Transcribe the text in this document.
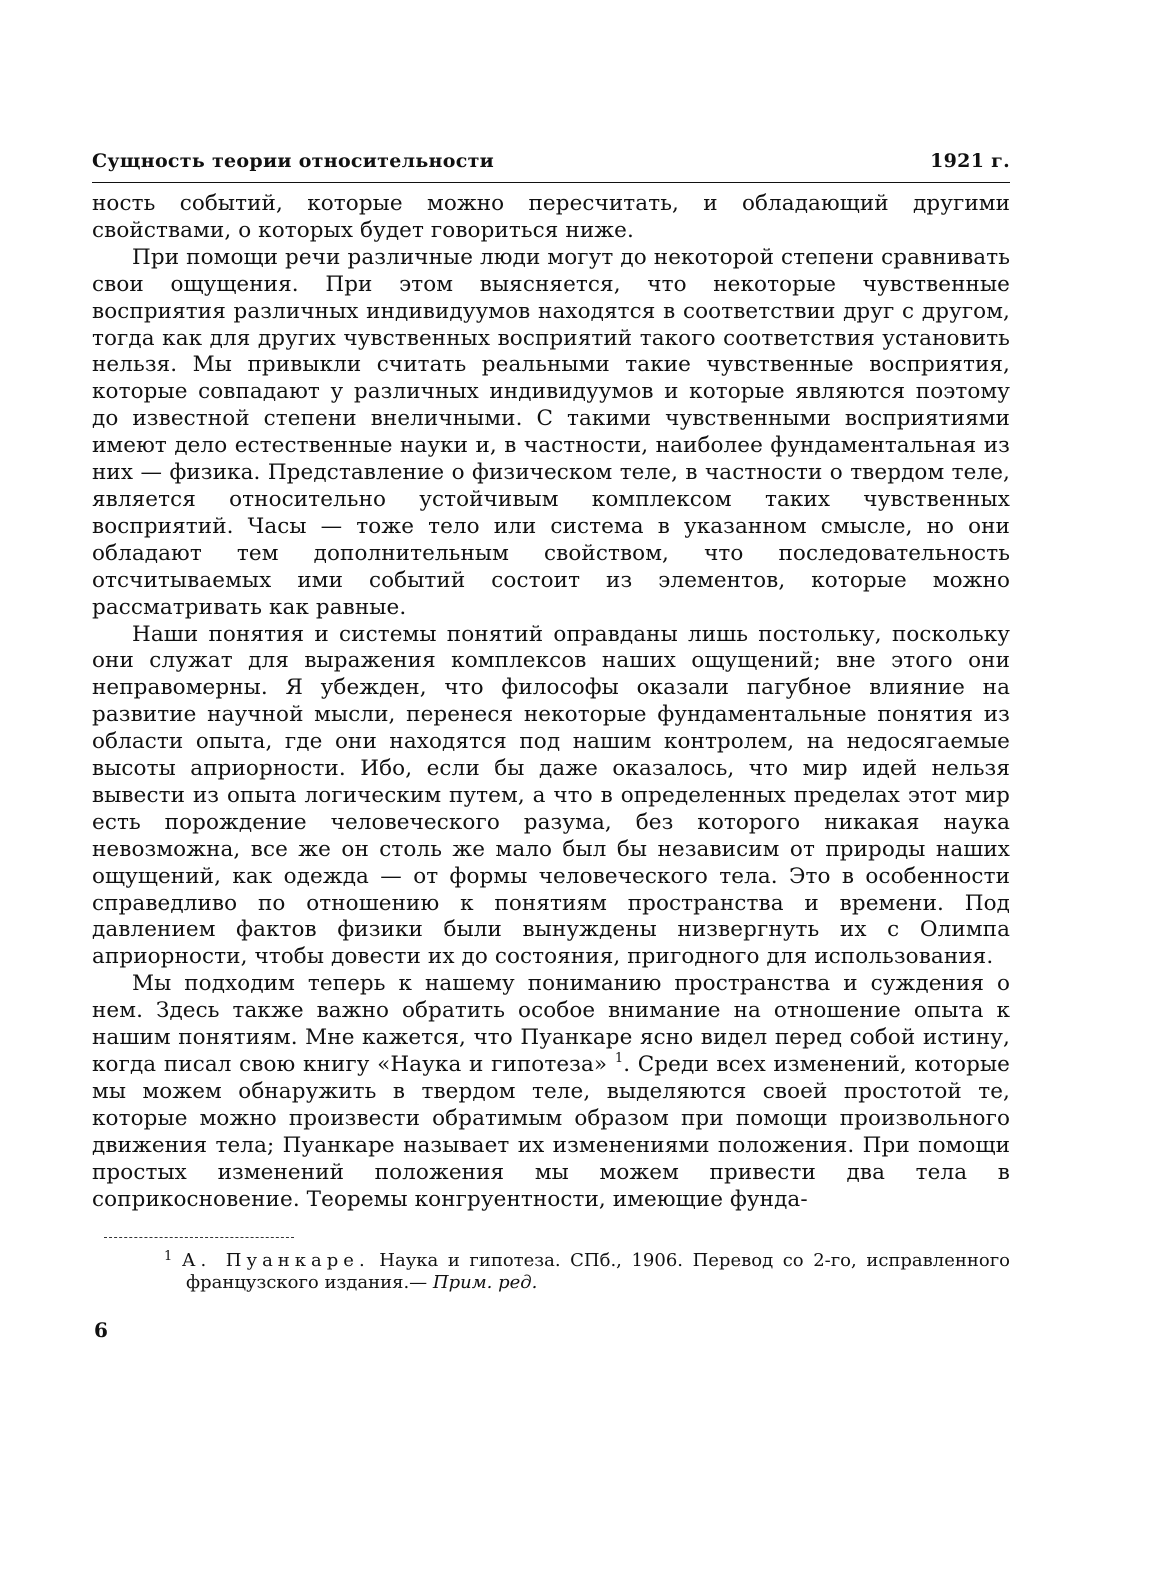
Сущность теории относительности	1921 г.

ность событий, которые можно пересчитать, и обладающий другими свойствами, о которых будет говориться ниже.

При помощи речи различные люди могут до некоторой степени сравнивать свои ощущения. При этом выясняется, что некоторые чувственные восприятия различных индивидуумов находятся в соответствии друг с другом, тогда как для других чувственных восприятий такого соответствия установить нельзя. Мы привыкли считать реальными такие чувственные восприятия, которые совпадают у различных индивидуумов и которые являются поэтому до известной степени внеличными. С такими чувственными восприятиями имеют дело естественные науки и, в частности, наиболее фундаментальная из них — физика. Представление о физическом теле, в частности о твердом теле, является относительно устойчивым комплексом таких чувственных восприятий. Часы — тоже тело или система в указанном смысле, но они обладают тем дополнительным свойством, что последовательность отсчитываемых ими событий состоит из элементов, которые можно рассматривать как равные.

Наши понятия и системы понятий оправданы лишь постольку, поскольку они служат для выражения комплексов наших ощущений; вне этого они неправомерны. Я убежден, что философы оказали пагубное влияние на развитие научной мысли, перенеся некоторые фундаментальные понятия из области опыта, где они находятся под нашим контролем, на недосягаемые высоты априорности. Ибо, если бы даже оказалось, что мир идей нельзя вывести из опыта логическим путем, а что в определенных пределах этот мир есть порождение человеческого разума, без которого никакая наука невозможна, все же он столь же мало был бы независим от природы наших ощущений, как одежда — от формы человеческого тела. Это в особенности справедливо по отношению к понятиям пространства и времени. Под давлением фактов физики были вынуждены низвергнуть их с Олимпа априорности, чтобы довести их до состояния, пригодного для использования.

Мы подходим теперь к нашему пониманию пространства и суждения о нем. Здесь также важно обратить особое внимание на отношение опыта к нашим понятиям. Мне кажется, что Пуанкаре ясно видел перед собой истину, когда писал свою книгу «Наука и гипотеза» $^1$. Среди всех изменений, которые мы можем обнаружить в твердом теле, выделяются своей простотой те, которые можно произвести обратимым образом при помощи произвольного движения тела; Пуанкаре называет их изменениями положения. При помощи простых изменений положения мы можем привести два тела в соприкосновение. Теоремы конгруентности, имеющие фунда-

$^1$ А. Пуанкаре. Наука и гипотеза. СПб., 1906. Перевод со 2-го, исправленного французского издания.— Прим. ред.
6
